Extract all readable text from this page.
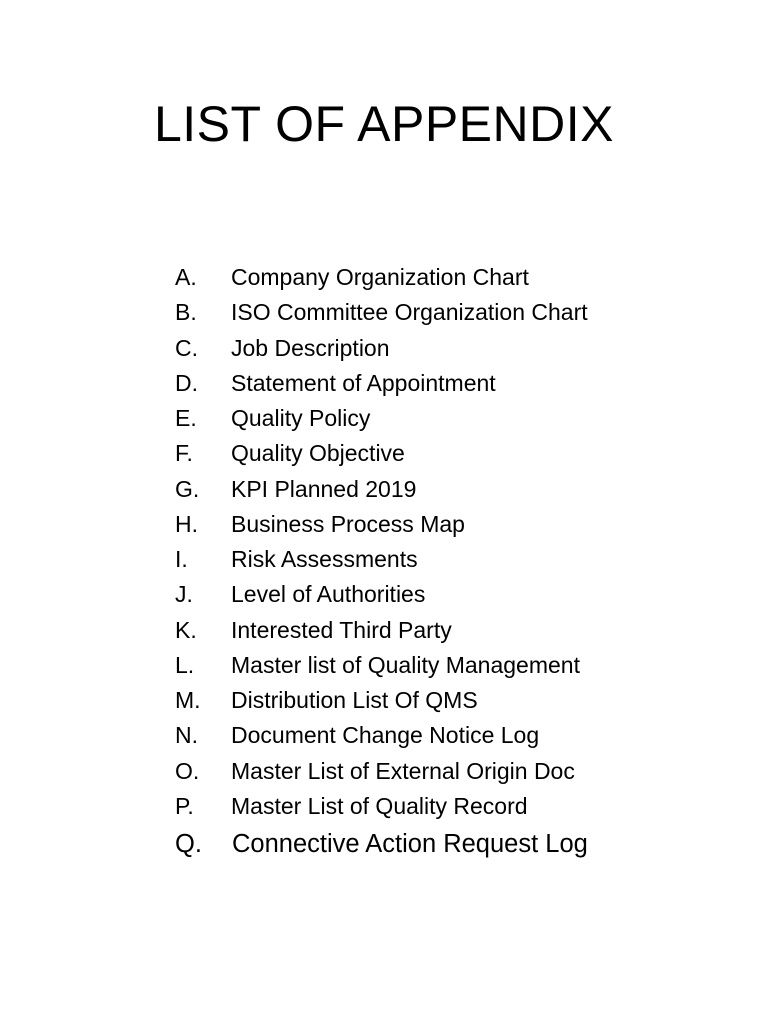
LIST OF APPENDIX
A.	Company Organization Chart
B.	ISO Committee Organization Chart
C.	Job Description
D.	Statement of Appointment
E.	Quality Policy
F.	Quality Objective
G.	KPI Planned 2019
H.	Business Process Map
I.	Risk Assessments
J.	Level of Authorities
K.	Interested Third Party
L.	Master list of Quality Management
M.	Distribution List Of QMS
N.	Document Change Notice Log
O.	Master List of External Origin Doc
P.	Master List of Quality Record
Q.	Connective Action Request Log
